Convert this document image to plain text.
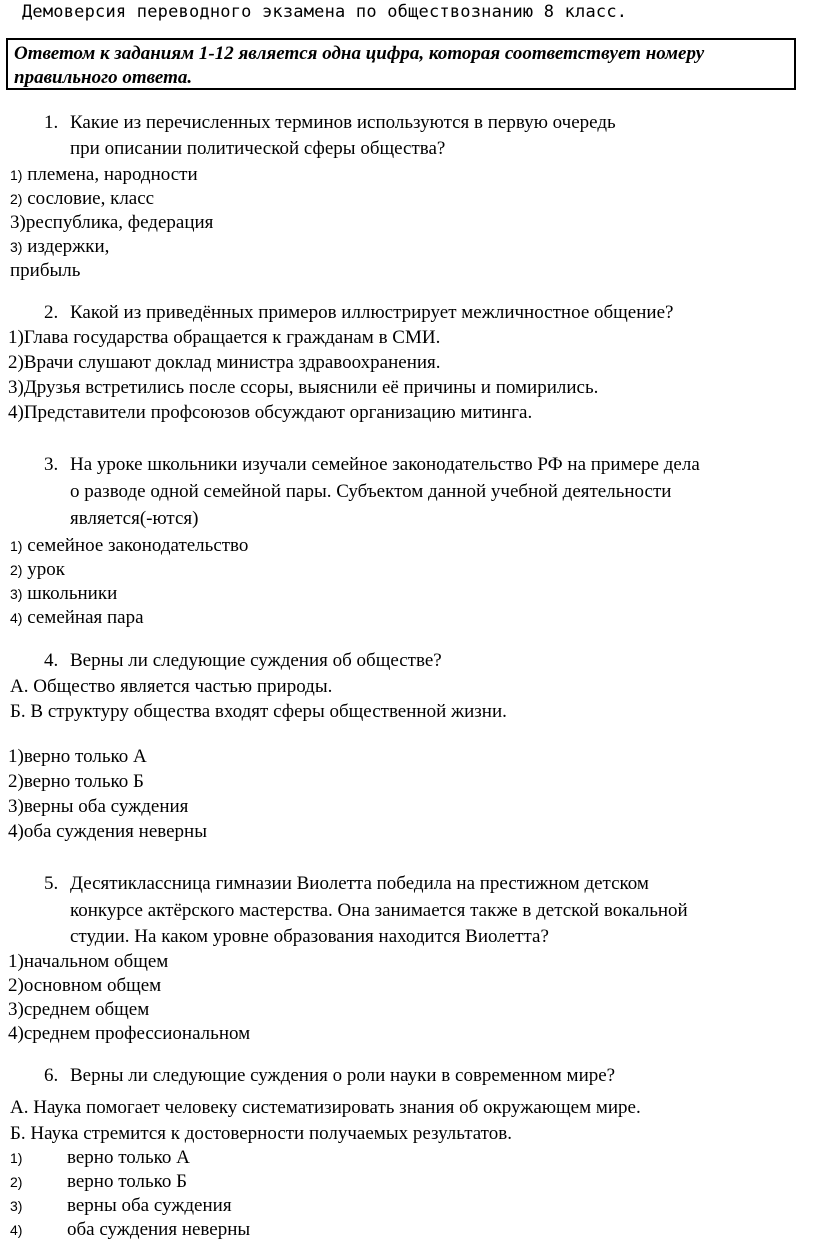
Демоверсия переводного экзамена по обществознанию 8 класс.
Ответом к заданиям 1-12 является одна цифра, которая соответствует номеру
правильного ответа.
1. Какие из перечисленных терминов используются в первую очередь
при описании политической сферы общества?
1) племена, народности
2) сословие, класс
3)республика, федерация
3) издержки,
прибыль
2. Какой из приведённых примеров иллюстрирует межличностное общение?
1)Глава государства обращается к гражданам в СМИ.
2)Врачи слушают доклад министра здравоохранения.
3)Друзья встретились после ссоры, выяснили её причины и помирились.
4)Представители профсоюзов обсуждают организацию митинга.
3. На уроке школьники изучали семейное законодательство РФ на примере дела
о разводе одной семейной пары. Субъектом данной учебной деятельности
является(-ются)
1) семейное законодательство
2) урок
3) школьники
4) семейная пара
4. Верны ли следующие суждения об обществе?
А. Общество является частью природы.
Б. В структуру общества входят сферы общественной жизни.
1)верно только А
2)верно только Б
3)верны оба суждения
4)оба суждения неверны
5. Десятиклассница гимназии Виолетта победила на престижном детском
конкурсе актёрского мастерства. Она занимается также в детской вокальной
студии. На каком уровне образования находится Виолетта?
1)начальном общем
2)основном общем
3)среднем общем
4)среднем профессиональном
6. Верны ли следующие суждения о роли науки в современном мире?
А. Наука помогает человеку систематизировать знания об окружающем мире.
Б. Наука стремится к достоверности получаемых результатов.
1) верно только А
2) верно только Б
3) верны оба суждения
4) оба суждения неверны
